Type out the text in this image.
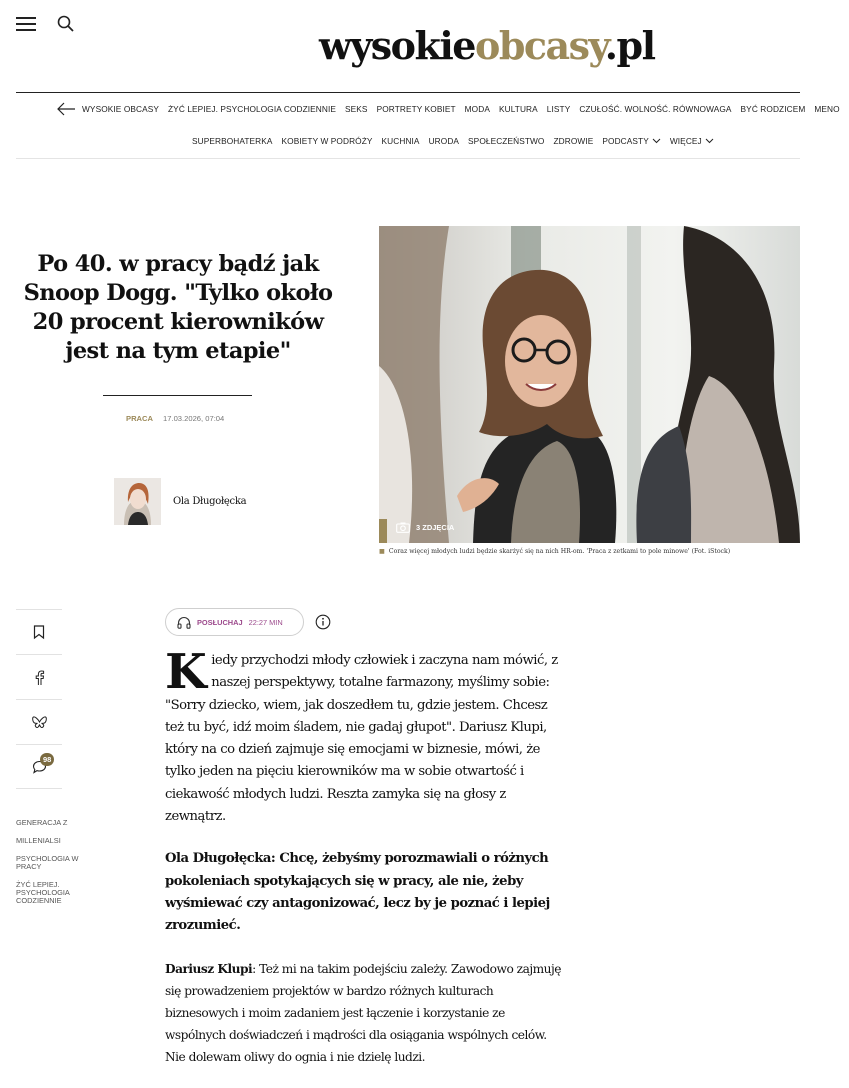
wysokieobcasy.pl
WYSOKIE OBCASY ŻYĆ LEPIEJ. PSYCHOLOGIA CODZIENNIE SEKS PORTRETY KOBIET MODA KULTURA LISTY CZUŁOŚĆ. WOLNOŚĆ. RÓWNOWAGA BYĆ RODZICEM MENO
SUPERBOHATERKA KOBIETY W PODRÓŻY KUCHNIA URODA SPOŁECZEŃSTWO ZDROWIE PODCASTY	WIĘCEJ
Po 40. w pracy bądź jak Snoop Dogg. "Tylko około 20 procent kierowników jest na tym etapie"
PRACA 17.03.2026, 07:04
Ola Długołęcka
3 ZDJĘCIA
■ Coraz więcej młodych ludzi będzie skarżyć się na nich HR-om. 'Praca z zetkami to pole minowe' (Fot. iStock)
98
GENERACJA Z
MILLENIALSI
PSYCHOLOGIA W PRACY
ŻYĆ LEPIEJ. PSYCHOLOGIA CODZIENNIE
POSŁUCHAJ 22:27 MIN

Kiedy przychodzi młody człowiek i zaczyna nam mówić, z naszej perspektywy, totalne farmazony, myślimy sobie: "Sorry dziecko, wiem, jak doszedłem tu, gdzie jestem. Chcesz też tu być, idź moim śladem, nie gadaj głupot". Dariusz Klupi, który na co dzień zajmuje się emocjami w biznesie, mówi, że tylko jeden na pięciu kierowników ma w sobie otwartość i ciekawość młodych ludzi. Reszta zamyka się na głosy z zewnątrz.

Ola Długołęcka: Chcę, żebyśmy porozmawiali o różnych pokoleniach spotykających się w pracy, ale nie, żeby wyśmiewać czy antagonizować, lecz by je poznać i lepiej zrozumieć.

Dariusz Klupi: Też mi na takim podejściu zależy. Zawodowo zajmuję się prowadzeniem projektów w bardzo różnych kulturach biznesowych i moim zadaniem jest łączenie i korzystanie ze wspólnych doświadczeń i mądrości dla osiągania wspólnych celów. Nie dolewam oliwy do ognia i nie dzielę ludzi.
